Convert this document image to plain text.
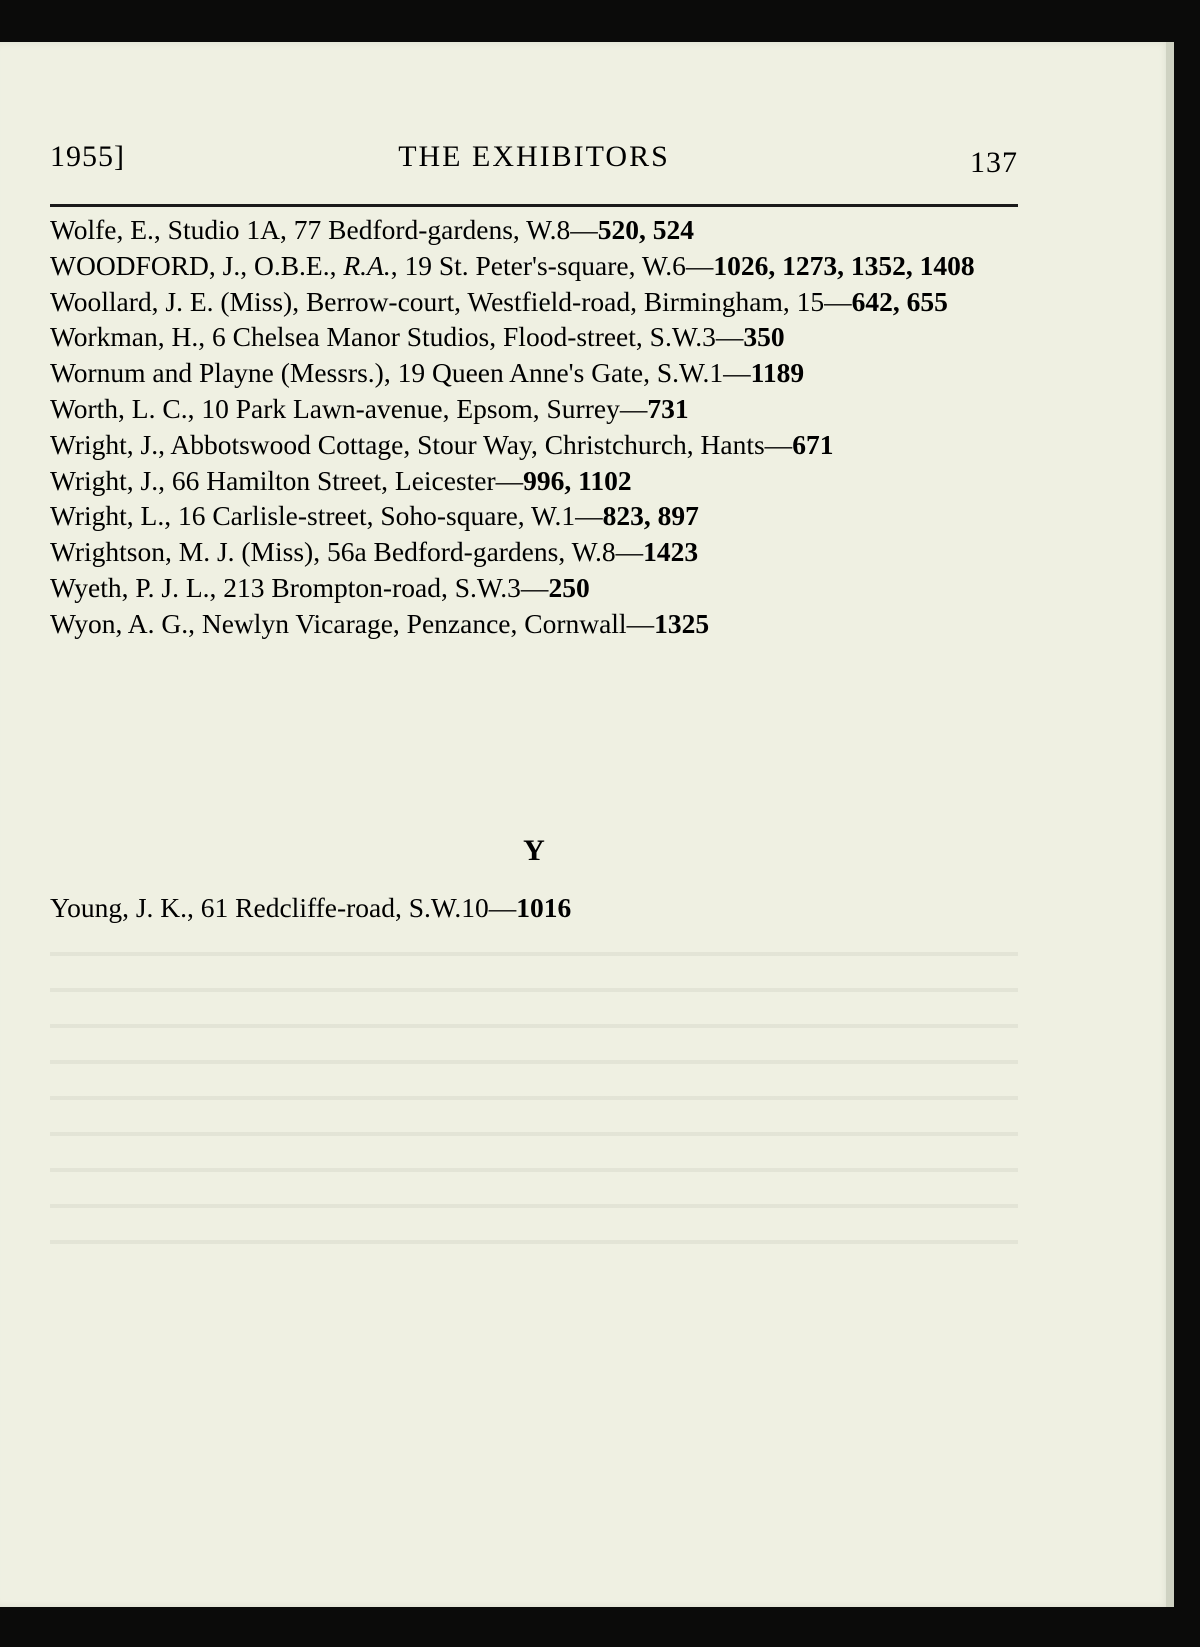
1955]	THE EXHIBITORS	137

Wolfe, E., Studio 1A, 77 Bedford-gardens, W.8—520, 524

WOODFORD, J., O.B.E., R.A., 19 St. Peter's-square, W.6—1026, 1273, 1352, 1408

Woollard, J. E. (Miss), Berrow-court, Westfield-road, Birmingham, 15—642, 655

Workman, H., 6 Chelsea Manor Studios, Flood-street, S.W.3—350

Wornum and Playne (Messrs.), 19 Queen Anne's Gate, S.W.1—1189

Worth, L. C., 10 Park Lawn-avenue, Epsom, Surrey—731

Wright, J., Abbotswood Cottage, Stour Way, Christchurch, Hants—671

Wright, J., 66 Hamilton Street, Leicester—996, 1102

Wright, L., 16 Carlisle-street, Soho-square, W.1—823, 897

Wrightson, M. J. (Miss), 56a Bedford-gardens, W.8—1423

Wyeth, P. J. L., 213 Brompton-road, S.W.3—250

Wyon, A. G., Newlyn Vicarage, Penzance, Cornwall—1325

Y

Young, J. K., 61 Redcliffe-road, S.W.10—1016
